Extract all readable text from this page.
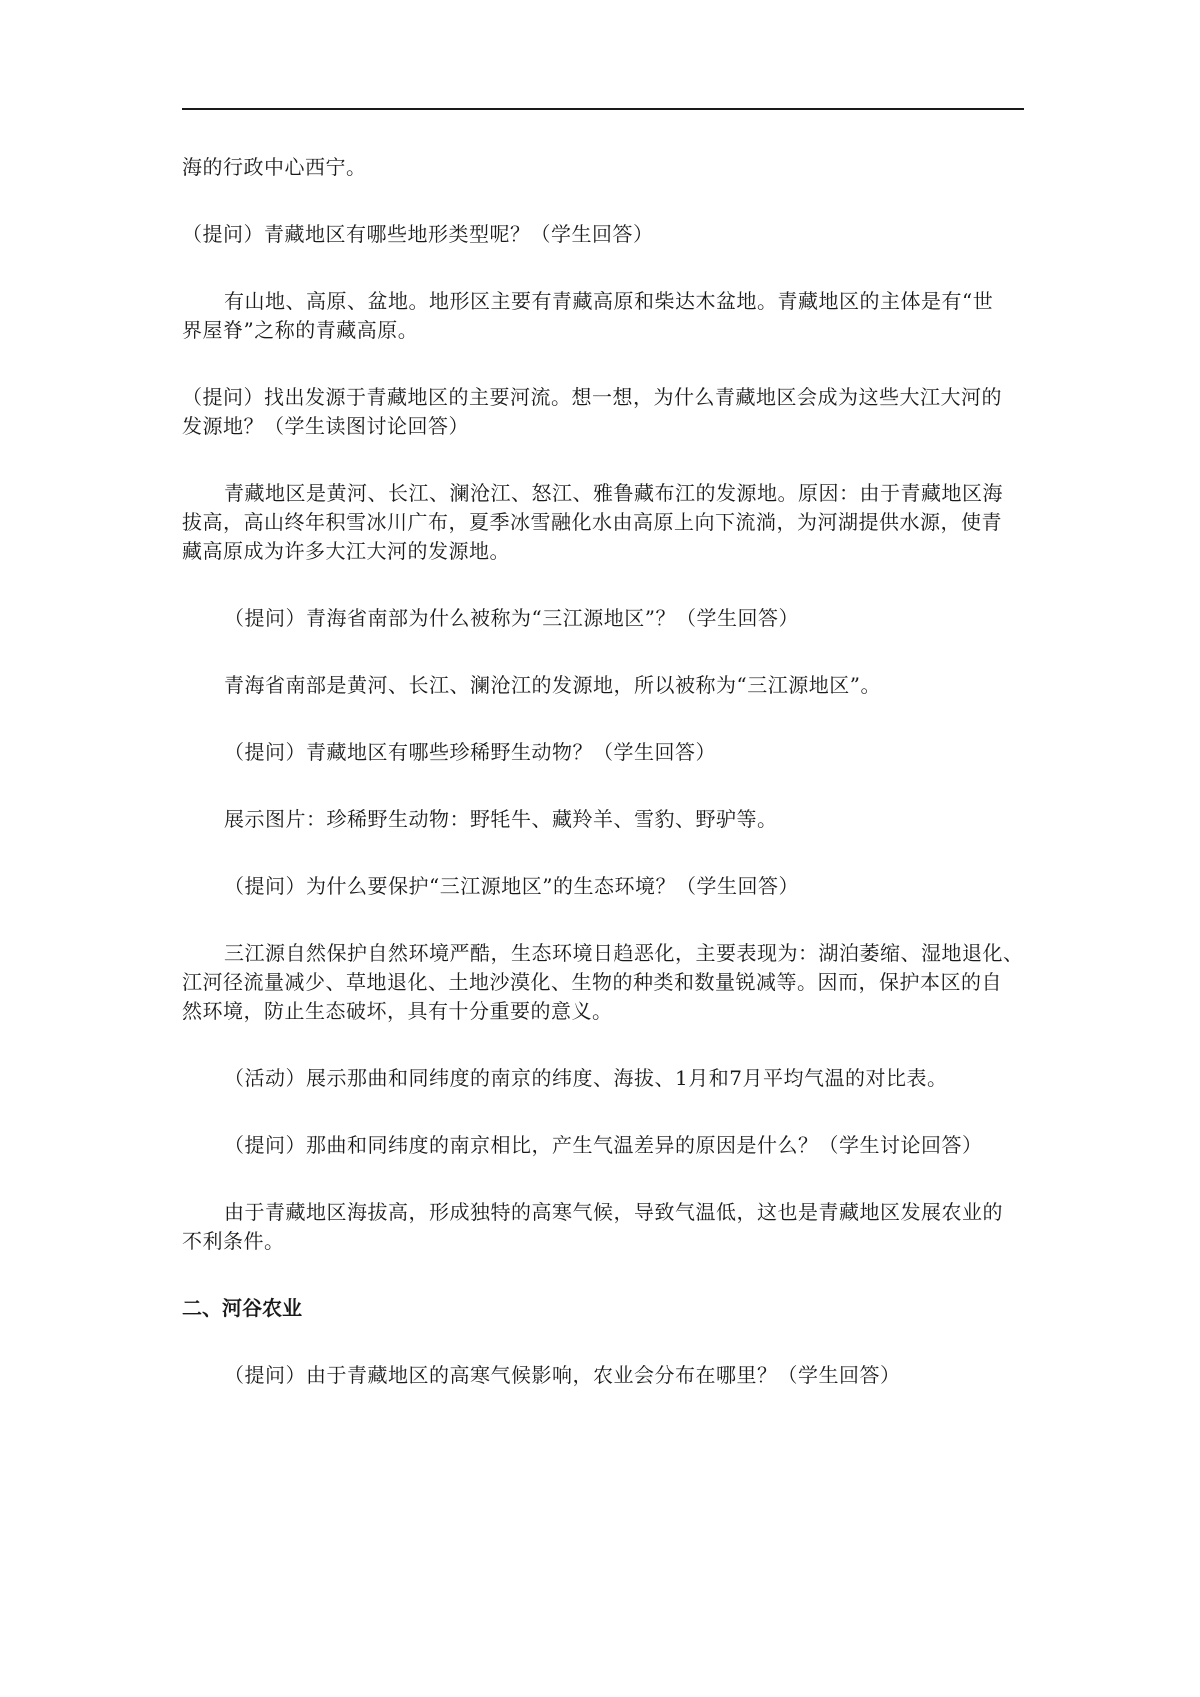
海的行政中心西宁。

（提问）青藏地区有哪些地形类型呢？（学生回答）

有山地、高原、盆地。地形区主要有青藏高原和柴达木盆地。青藏地区的主体是有“世

界屋脊”之称的青藏高原。

（提问）找出发源于青藏地区的主要河流。想一想，为什么青藏地区会成为这些大江大河的

发源地？（学生读图讨论回答）

青藏地区是黄河、长江、澜沧江、怒江、雅鲁藏布江的发源地。原因：由于青藏地区海

拔高，高山终年积雪冰川广布，夏季冰雪融化水由高原上向下流淌，为河湖提供水源，使青

藏高原成为许多大江大河的发源地。

（提问）青海省南部为什么被称为“三江源地区”？（学生回答）

青海省南部是黄河、长江、澜沧江的发源地，所以被称为“三江源地区”。

（提问）青藏地区有哪些珍稀野生动物？（学生回答）

展示图片：珍稀野生动物：野牦牛、藏羚羊、雪豹、野驴等。

（提问）为什么要保护“三江源地区”的生态环境？（学生回答）

三江源自然保护自然环境严酷，生态环境日趋恶化，主要表现为：湖泊萎缩、湿地退化、

江河径流量减少、草地退化、土地沙漠化、生物的种类和数量锐减等。因而，保护本区的自

然环境，防止生态破坏，具有十分重要的意义。

（活动）展示那曲和同纬度的南京的纬度、海拔、1月和7月平均气温的对比表。

（提问）那曲和同纬度的南京相比，产生气温差异的原因是什么？（学生讨论回答）

由于青藏地区海拔高，形成独特的高寒气候，导致气温低，这也是青藏地区发展农业的

不利条件。

二、河谷农业

（提问）由于青藏地区的高寒气候影响，农业会分布在哪里？（学生回答）
